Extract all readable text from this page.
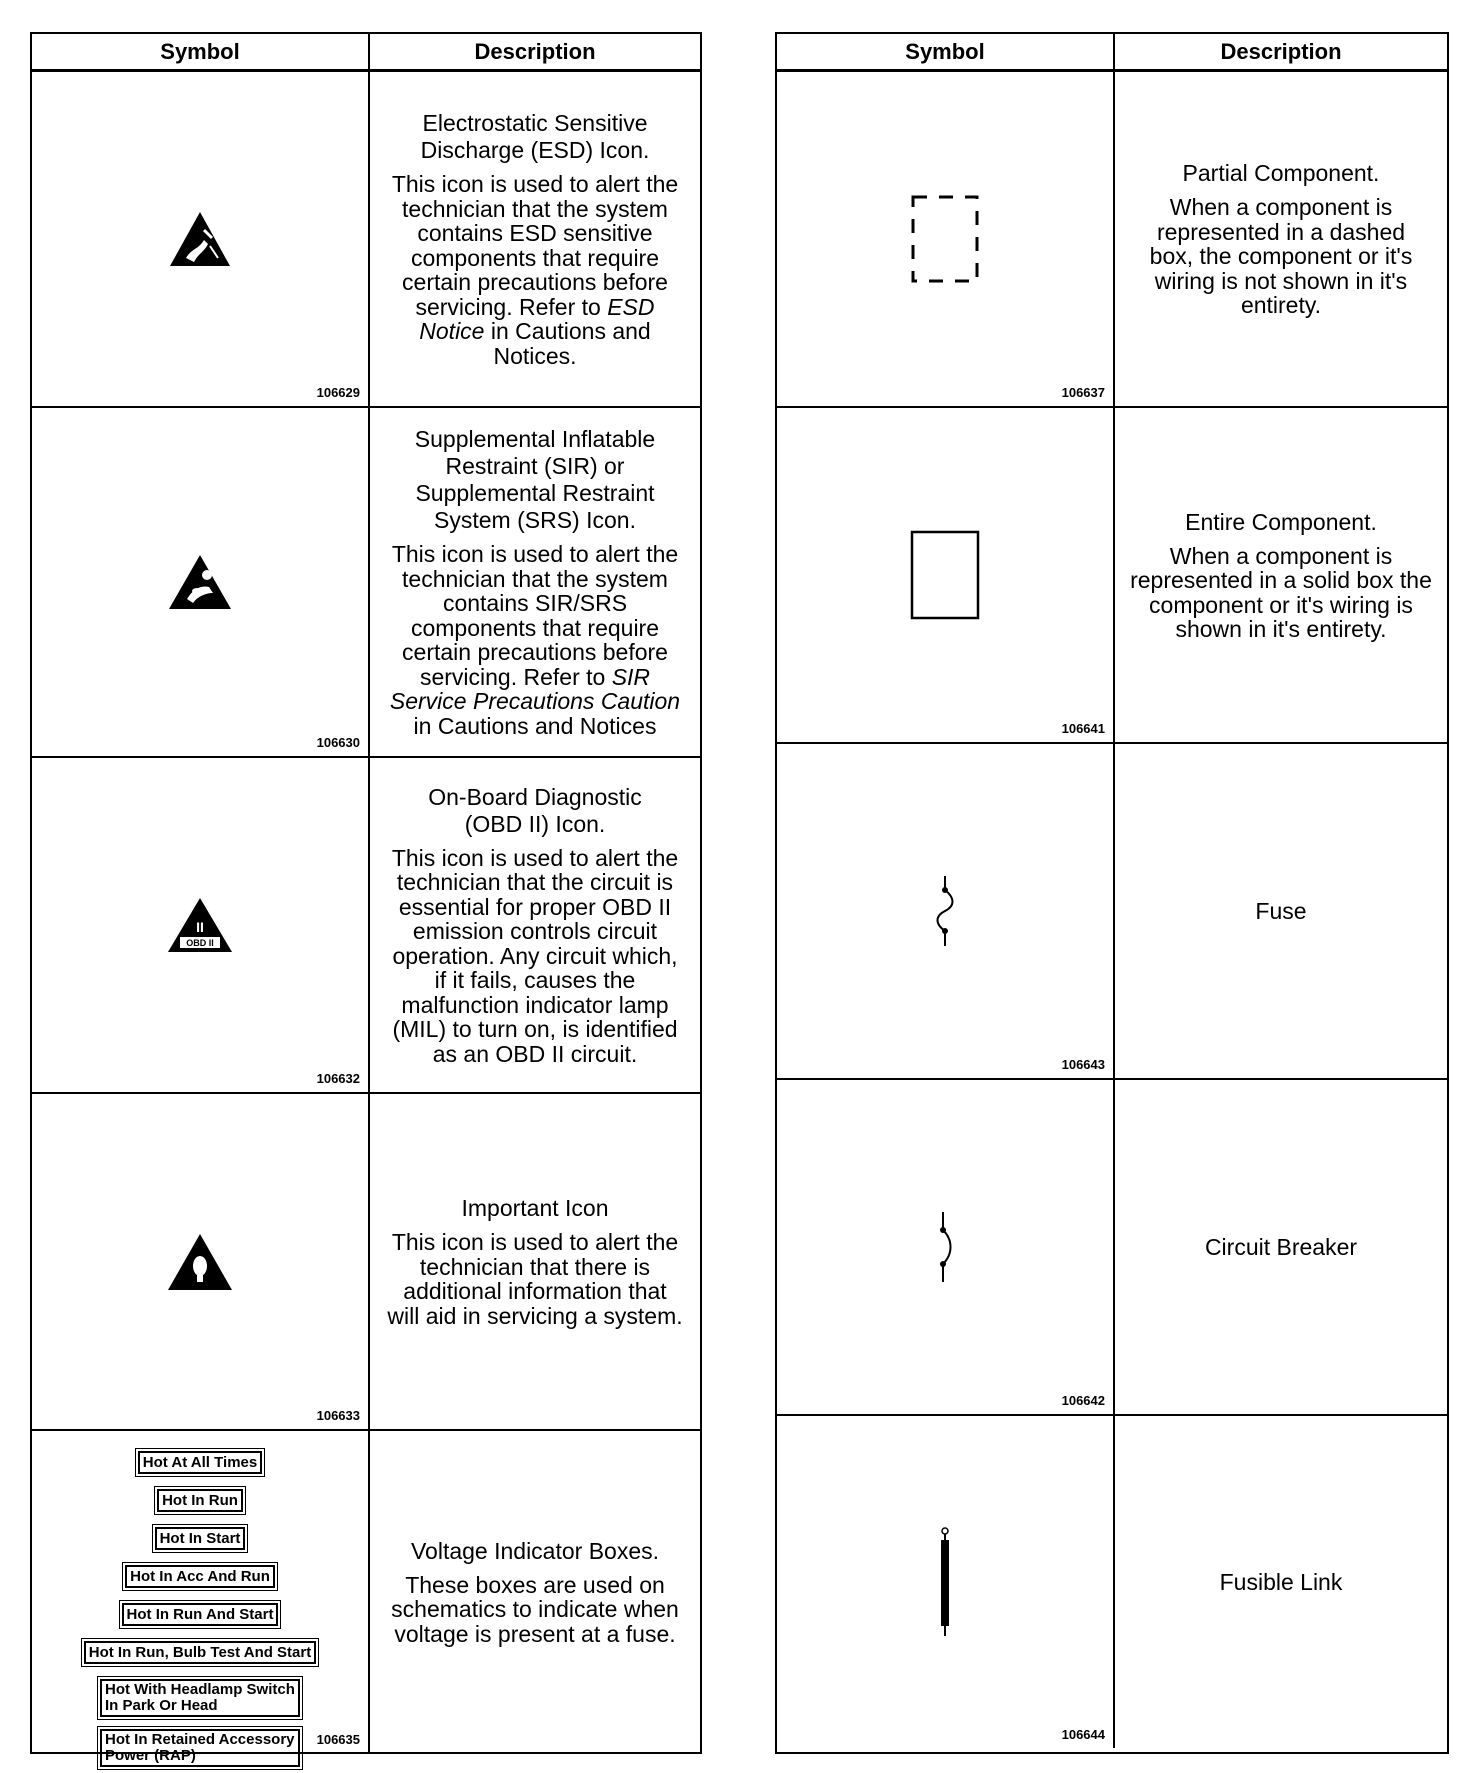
Symbol	Description
106629
Electrostatic Sensitive Discharge (ESD) Icon.
This icon is used to alert the technician that the system contains ESD sensitive components that require certain precautions before servicing. Refer to ESD Notice in Cautions and Notices.
106630
Supplemental Inflatable Restraint (SIR) or Supplemental Restraint System (SRS) Icon.
This icon is used to alert the technician that the system contains SIR/SRS components that require certain precautions before servicing. Refer to SIR Service Precautions Caution in Cautions and Notices
II
OBD II
106632
On-Board Diagnostic (OBD II) Icon.
This icon is used to alert the technician that the circuit is essential for proper OBD II emission controls circuit operation. Any circuit which, if it fails, causes the malfunction indicator lamp (MIL) to turn on, is identified as an OBD II circuit.
106633
Important Icon
This icon is used to alert the technician that there is additional information that will aid in servicing a system.
Hot At All Times
Hot In Run
Hot In Start
Hot In Acc And Run
Hot In Run And Start
Hot In Run, Bulb Test And Start
Hot With Headlamp Switch In Park Or Head
Hot In Retained Accessory Power (RAP)
106635
Voltage Indicator Boxes.
These boxes are used on schematics to indicate when voltage is present at a fuse.
Symbol	Description
106637
Partial Component.
When a component is represented in a dashed box, the component or it's wiring is not shown in it's entirety.
106641
Entire Component.
When a component is represented in a solid box the component or it's wiring is shown in it's entirety.
106643
Fuse
106642
Circuit Breaker
106644
Fusible Link
